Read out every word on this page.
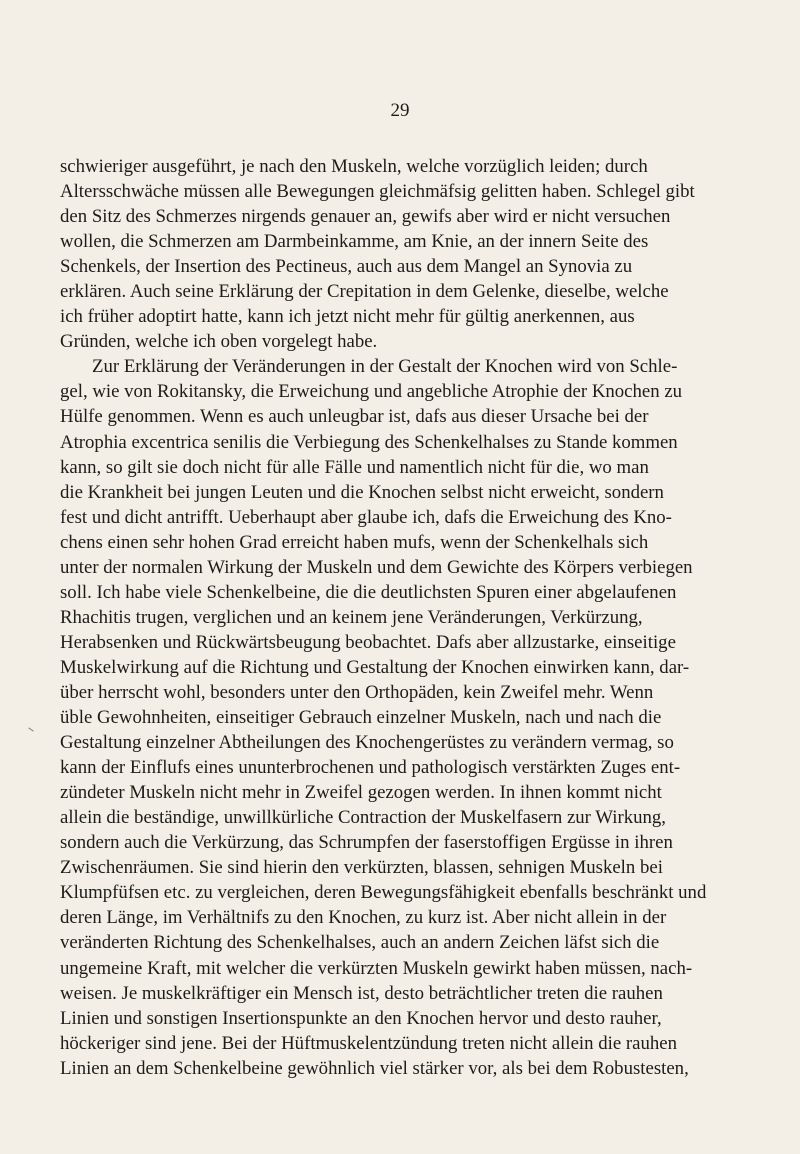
29
schwieriger ausgeführt, je nach den Muskeln, welche vorzüglich leiden; durch
Altersschwäche müssen alle Bewegungen gleichmäfsig gelitten haben. Schlegel gibt
den Sitz des Schmerzes nirgends genauer an, gewifs aber wird er nicht versuchen
wollen, die Schmerzen am Darmbeinkamme, am Knie, an der innern Seite des
Schenkels, der Insertion des Pectineus, auch aus dem Mangel an Synovia zu
erklären. Auch seine Erklärung der Crepitation in dem Gelenke, dieselbe, welche
ich früher adoptirt hatte, kann ich jetzt nicht mehr für gültig anerkennen, aus
Gründen, welche ich oben vorgelegt habe.
Zur Erklärung der Veränderungen in der Gestalt der Knochen wird von Schle-
gel, wie von Rokitansky, die Erweichung und angebliche Atrophie der Knochen zu
Hülfe genommen. Wenn es auch unleugbar ist, dafs aus dieser Ursache bei der
Atrophia excentrica senilis die Verbiegung des Schenkelhalses zu Stande kommen
kann, so gilt sie doch nicht für alle Fälle und namentlich nicht für die, wo man
die Krankheit bei jungen Leuten und die Knochen selbst nicht erweicht, sondern
fest und dicht antrifft. Ueberhaupt aber glaube ich, dafs die Erweichung des Kno-
chens einen sehr hohen Grad erreicht haben mufs, wenn der Schenkelhals sich
unter der normalen Wirkung der Muskeln und dem Gewichte des Körpers verbiegen
soll. Ich habe viele Schenkelbeine, die die deutlichsten Spuren einer abgelaufenen
Rhachitis trugen, verglichen und an keinem jene Veränderungen, Verkürzung,
Herabsenken und Rückwärtsbeugung beobachtet. Dafs aber allzustarke, einseitige
Muskelwirkung auf die Richtung und Gestaltung der Knochen einwirken kann, dar-
über herrscht wohl, besonders unter den Orthopäden, kein Zweifel mehr. Wenn
üble Gewohnheiten, einseitiger Gebrauch einzelner Muskeln, nach und nach die
Gestaltung einzelner Abtheilungen des Knochengerüstes zu verändern vermag, so
kann der Einflufs eines ununterbrochenen und pathologisch verstärkten Zuges ent-
zündeter Muskeln nicht mehr in Zweifel gezogen werden. In ihnen kommt nicht
allein die beständige, unwillkürliche Contraction der Muskelfasern zur Wirkung,
sondern auch die Verkürzung, das Schrumpfen der faserstoffigen Ergüsse in ihren
Zwischenräumen. Sie sind hierin den verkürzten, blassen, sehnigen Muskeln bei
Klumpfüfsen etc. zu vergleichen, deren Bewegungsfähigkeit ebenfalls beschränkt und
deren Länge, im Verhältnifs zu den Knochen, zu kurz ist. Aber nicht allein in der
veränderten Richtung des Schenkelhalses, auch an andern Zeichen läfst sich die
ungemeine Kraft, mit welcher die verkürzten Muskeln gewirkt haben müssen, nach-
weisen. Je muskelkräftiger ein Mensch ist, desto beträchtlicher treten die rauhen
Linien und sonstigen Insertionspunkte an den Knochen hervor und desto rauher,
höckeriger sind jene. Bei der Hüftmuskelentzündung treten nicht allein die rauhen
Linien an dem Schenkelbeine gewöhnlich viel stärker vor, als bei dem Robustesten,
